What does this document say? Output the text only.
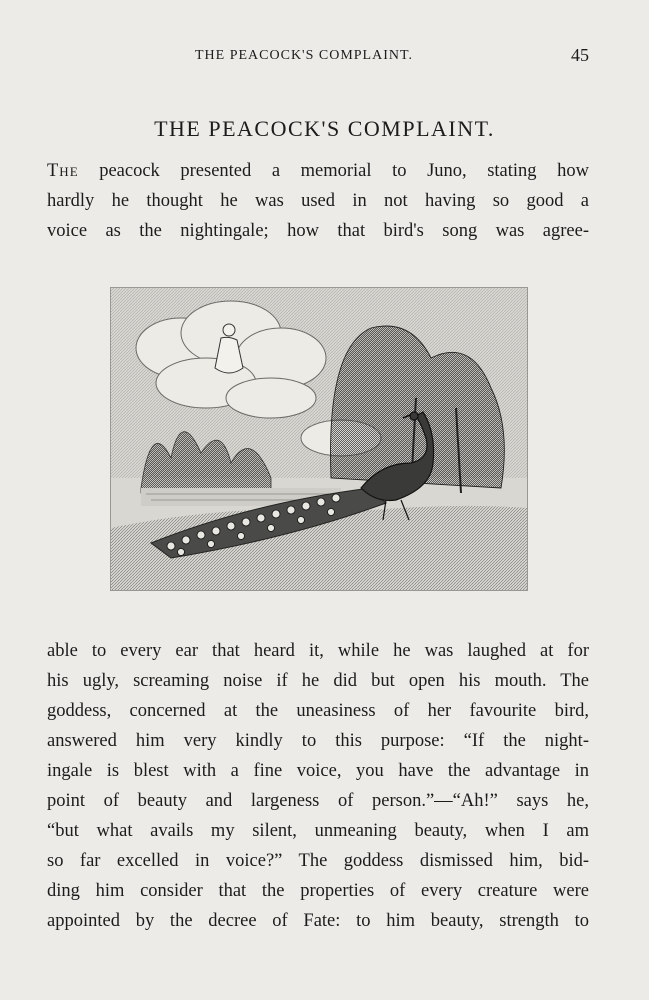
THE PEACOCK'S COMPLAINT.	45
THE PEACOCK'S COMPLAINT.
The peacock presented a memorial to Juno, stating how
hardly he thought he was used in not having so good a
voice as the nightingale; how that bird's song was agree-
able to every ear that heard it, while he was laughed at for
his ugly, screaming noise if he did but open his mouth. The
goddess, concerned at the uneasiness of her favourite bird,
answered him very kindly to this purpose: “If the night-
ingale is blest with a fine voice, you have the advantage in
point of beauty and largeness of person.”—“Ah!” says he,
“but what avails my silent, unmeaning beauty, when I am
so far excelled in voice?” The goddess dismissed him, bid-
ding him consider that the properties of every creature were
appointed by the decree of Fate: to him beauty, strength to
